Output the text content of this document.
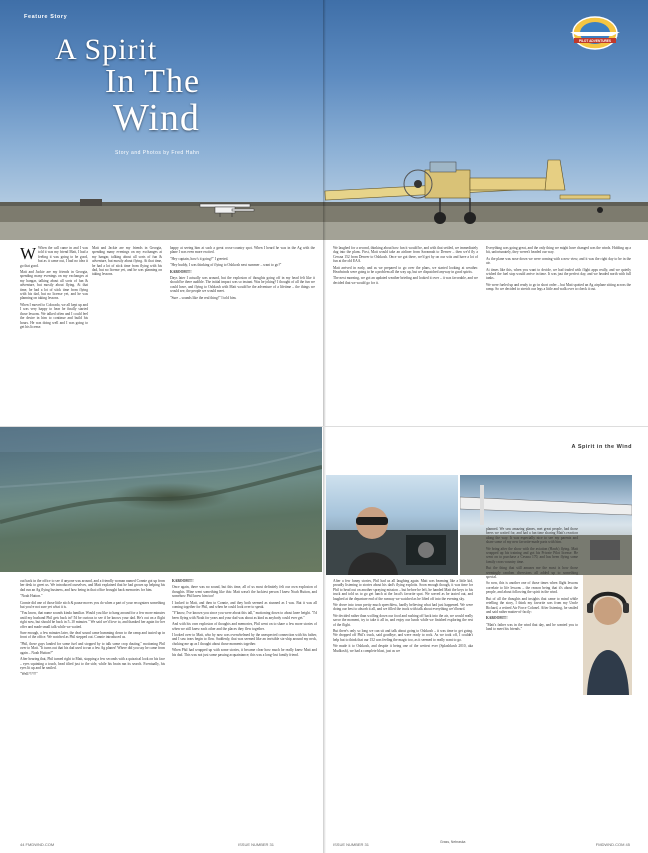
Feature Story
A Spirit
In The
Wind
Story and Photos by Fred Hahn
PILOT ADVENTURES
W When the call came in and I was told it was my friend Matt, I had a feeling it was going to be good, but as it came out, I had no idea it go that good.

Matt and Jackie are my friends in Georgia, spending many evenings on my exchanges at my hangar, talking about all sorts of fun & adventure, but mostly about flying. At that time, he had a lot of stick time from flying with his dad, but no license yet, and he was planning on taking lessons.

When I moved to Colorado, we all kept up and I was very happy to hear he finally started those lessons. We talked often and I could feel the desire in him to continue and build his hours. He was doing well and I was going to get his license.

Matt and Jackie are my friends in Georgia, spending many evenings on my exchanges at my hangar, talking about all sorts of fun & adventure, but mostly about flying. At that time, he had a lot of stick time from flying with his dad, but no license yet, and he was planning on taking lessons.

happy at seeing him at such a great cross-country spot. When I heard he was in the Ag with the plane I was even more excited.

"Hey captain, how's it going?" I greeted.

"Hey buddy, I was thinking of flying to Oshkosh next summer – want to go?"

KABOOM!!!!

Days later I actually was around, but the explosion of thoughts going off in my head felt like it should be there audible. The initial impact was so instant. Was he joking? I thought of all the fun we could have, and flying to Oshkosh with Matt would be the adventure of a lifetime – the things we would see, the people we would meet.

"Sure – sounds like the real thing!" I told him.

We laughed for a second, thinking about how fun it would be, and with that settled, we immediately dug into the plans. First, Matt would take an airliner from Savannah to Denver – then we'd fly a Cessna 152 from Denver to Oshkosh. Once we got there, we'd get by on our wits and have a lot of fun at the old EAA.

Matt arrived in early, and as we prepared to go over the plans, we started looking at weather. Headwinds were going to be a problem all the way up, but we dispatched anyway in good spirits.

The next morning, we got an updated weather briefing and looked it over – it was favorable, and we decided that we would go for it.

Everything was going great, and the only thing we might have changed was the winds. Holding up a bit, unfortunately, they weren't headed our way.

As the plane was nose down we were coming with a new view, and it was the right day to be in the air.

At times like this, when you want to decide, we had traded with flight apps really, and we quietly wished the fuel stop would arrive in time. It was just the perfect day, and we headed north with full tanks.

We were fueled up and ready to go in short order – but Matt spotted an Ag airplane sitting across the ramp. So we decided to stretch our legs a little and walk over to check it out.

A Spirit in the Wind

out back in the office to see if anyone was around, and a friendly woman named Connie got up from her desk to greet us. We introduced ourselves, and Matt explained that he had grown up helping his dad run an Ag flying business, and how being in that office brought back memories for him.

"Noah Hutton."

Connie did one of those little stich & pause moves you do when a part of your recognizes something but you're not sure yet what it is.

"You know, that name sounds kinda familiar. Would you like to hang around for a few more minutes until my husband Phil gets back in? I'd be curious to see if he knows your dad. He's out on a flight right now, but should be back in 5–10 minutes." We said we'd love to, and thanked her again for her offer and made small talk while we waited.

Sure enough, a few minutes later, the deaf sound came humming down to the ramp and taxied up in front of the office. We watched as Phil stepped out. Connie introduced us.

"Phil, these guys landed for some fuel and stopped by to talk some crop dusting," motioning Phil over to Matt. "It turns out that his dad used to run a few Ag planes! Where did you say he came from again – Noah Hutton?"

After hearing that, Phil turned right to Matt, stopping a few seconds with a quizzical look on his face – eyes squinting a touch, head tilted just to the side, while his brain ran its search. Eventually, his eyes lit up and he smiled.

"Well?!?!!!"

KABOOM!!!!

Once again, there was no sound, but this time, all of us most definitely felt our own explosion of thoughts. Mine went something like this: Matt wasn't the luckiest person I knew Noah Hutton, and somehow Phil knew him too!

I looked to Matt, and then to Connie, and they both seemed as stunned as I was. But it was all coming together for Phil, and when he could look over to speak.

"Y'know, I've known you since you were about this tall," motioning down to about knee height. "I'd been flying with Noah for years and your dad was about as kind as anybody could ever get."

And with his own explosion of thoughts and memories, Phil went on to share a few more stories of when we still knew each other and the places they flew together.

I looked over to Matt, who by now was overwhelmed by the unexpected connection with his father, and I saw tears begin to flow. Suddenly, that was seemed like an invisible six-ship around my neck, choking me up as I thought about those moments together.

When Phil had wrapped up with some stories, it became clear how much he really knew Matt and his dad. This was not just some passing acquaintance; this was a long-lost family friend.

After a few funny stories, Phil had us all laughing again. Matt was beaming like a little kid, proudly listening to stories about his dad's flying exploits. Soon enough though, it was time for Phil to head out on another spraying mission – but before he left, he handed Matt the keys to his truck and told us to go get lunch at the local's favorite spot. We waved as he taxied out, and laughed at the departure end of the runway we watched as he lifted off into the evening sky.

We drove into town pretty much speechless, hardly believing what had just happened. We were doing our best to absorb it all, and we filled the truck with talk about everything we'd heard.

We decided rather than wolfing down our food and rushing off back into the air, we would really savor the moment, try to take it all in, and enjoy our lunch while we finished exploring the rest of the flight.

But there's only so long we can sit and talk about going to Oshkosh – it was time to get going. We dropped off Phil's truck, said goodbye, and were ready to rock. As we took off, I couldn't help but to think that our 152 was feeling the magic too, as it seemed to really want to go.

We made it to Oshkosh, and despite it being one of the wettest ever (Splashkosh 2010, aka Mudkosh), we had a complete blast, just as we

planned. We saw amazing planes, met great people, had those beers we waited for, and had a fun time sharing Matt's reaction along the way. It was especially nice to see my parents and share some of my new favorite-made parts with him.

We bring after the show with the aviation (Hawk) flying. Matt wrapped up his training and got his Private Pilot license. He went on to purchase a Cessna 170, and has been flying some family cross-country time.

But the thing that still amazes me the most is how those seemingly random diversions all added up to something special.

So now, this is another one of those times when flight lessons correlate to life lessons – the reason being that it's about the people, and about following the spirit in the wind.

But of all the thoughts and insights that came to mind while retelling the story, I think my favorite was from my Uncle Richard, a retired Air Force Colonel. After listening, he smiled and said rather matter-of-factly:

KABOOM!!!!

"Matt's father was in the wind that day, and he wanted you to land to meet his friends."

Grass, Nebraska
44 FMDWND.COM	ISSUE NUMBER 31	ISSUE NUMBER 31	FMDWND.COM 45
